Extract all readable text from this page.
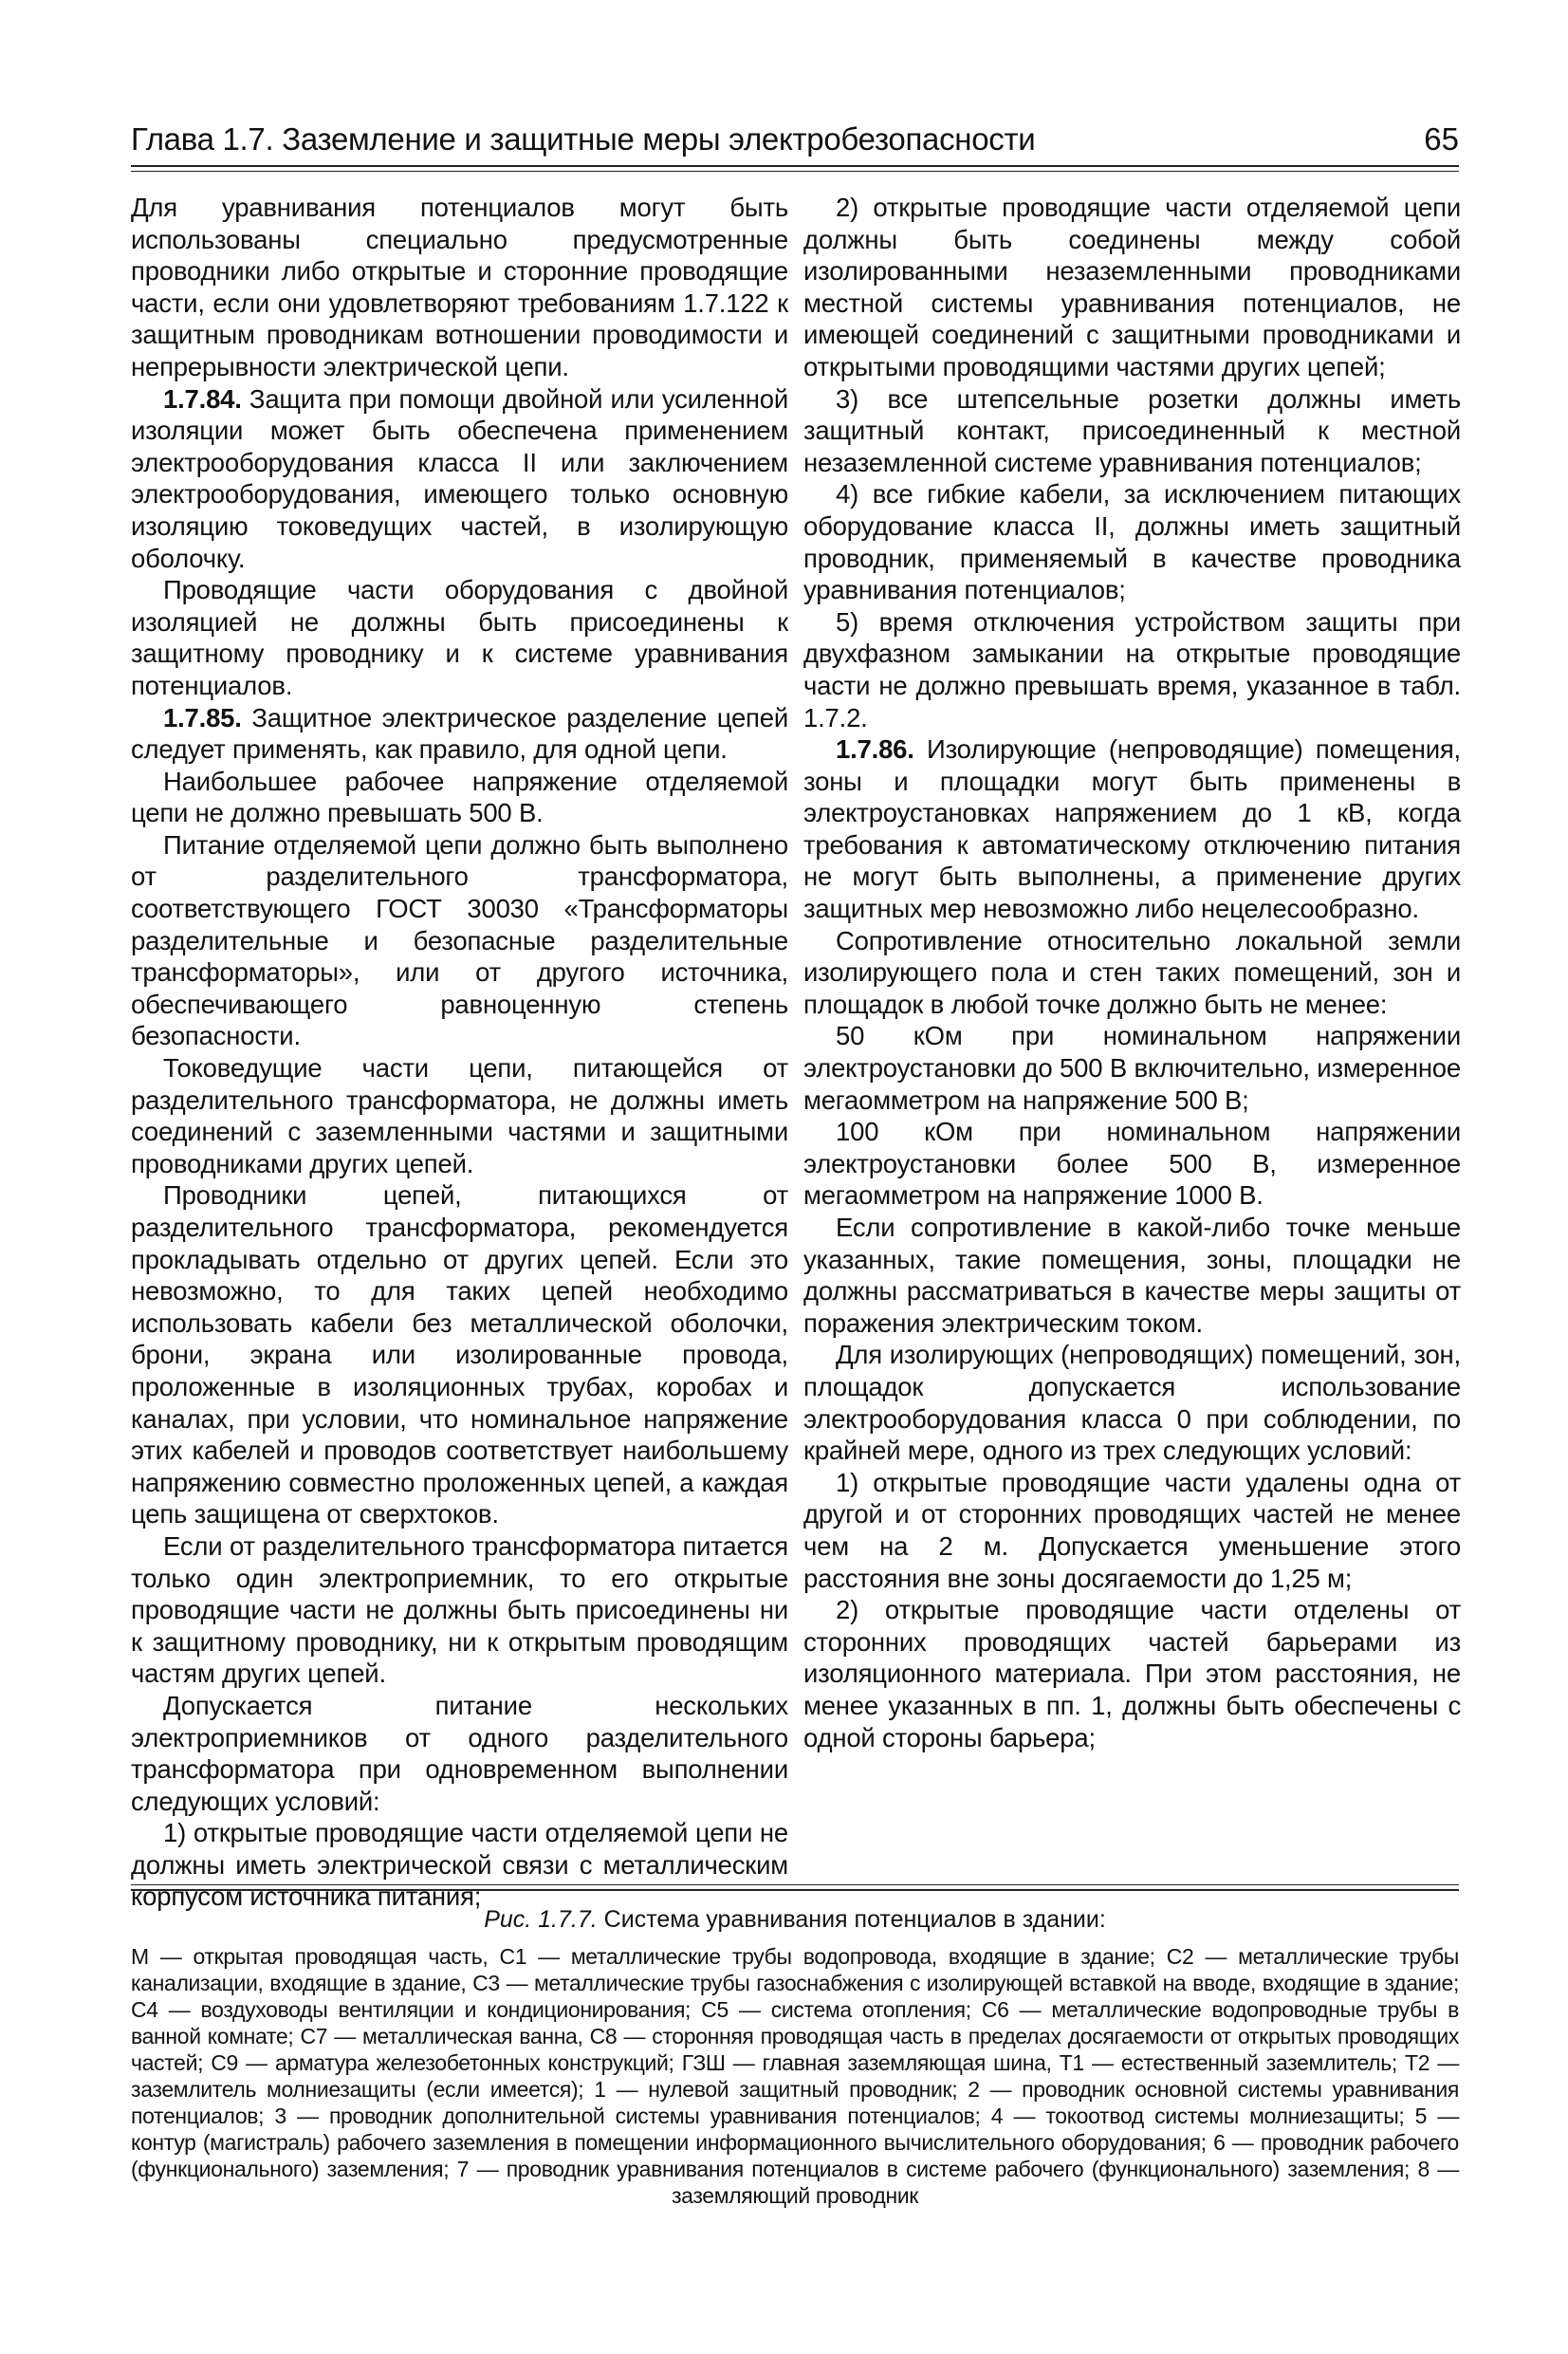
Глава 1.7. Заземление и защитные меры электробезопасности	65

Для уравнивания потенциалов могут быть использованы специально предусмотренные проводники либо открытые и сторонние проводящие части, если они удовлетворяют требованиям 1.7.122 к защитным проводникам вотношении проводимости и непрерывности электрической цепи.

1.7.84. Защита при помощи двойной или усиленной изоляции может быть обеспечена применением электрооборудования класса II или заключением электрооборудования, имеющего только основную изоляцию токоведущих частей, в изолирующую оболочку.

Проводящие части оборудования с двойной изоляцией не должны быть присоединены к защитному проводнику и к системе уравнивания потенциалов.

1.7.85. Защитное электрическое разделение цепей следует применять, как правило, для одной цепи.

Наибольшее рабочее напряжение отделяемой цепи не должно превышать 500 В.

Питание отделяемой цепи должно быть выполнено от разделительного трансформатора, соответствующего ГОСТ 30030 «Трансформаторы разделительные и безопасные разделительные трансформаторы», или от другого источника, обеспечивающего равноценную степень безопасности.

Токоведущие части цепи, питающейся от разделительного трансформатора, не должны иметь соединений с заземленными частями и защитными проводниками других цепей.

Проводники цепей, питающихся от разделительного трансформатора, рекомендуется прокладывать отдельно от других цепей. Если это невозможно, то для таких цепей необходимо использовать кабели без металлической оболочки, брони, экрана или изолированные провода, проложенные в изоляционных трубах, коробах и каналах, при условии, что номинальное напряжение этих кабелей и проводов соответствует наибольшему напряжению совместно проложенных цепей, а каждая цепь защищена от сверхтоков.

Если от разделительного трансформатора питается только один электроприемник, то его открытые проводящие части не должны быть присоединены ни к защитному проводнику, ни к открытым проводящим частям других цепей.

Допускается питание нескольких электроприемников от одного разделительного трансформатора при одновременном выполнении следующих условий:

1) открытые проводящие части отделяемой цепи не должны иметь электрической связи с металлическим корпусом источника питания;

2) открытые проводящие части отделяемой цепи должны быть соединены между собой изолированными незаземленными проводниками местной системы уравнивания потенциалов, не имеющей соединений с защитными проводниками и открытыми проводящими частями других цепей;

3) все штепсельные розетки должны иметь защитный контакт, присоединенный к местной незаземленной системе уравнивания потенциалов;

4) все гибкие кабели, за исключением питающих оборудование класса II, должны иметь защитный проводник, применяемый в качестве проводника уравнивания потенциалов;

5) время отключения устройством защиты при двухфазном замыкании на открытые проводящие части не должно превышать время, указанное в табл. 1.7.2.

1.7.86. Изолирующие (непроводящие) помещения, зоны и площадки могут быть применены в электроустановках напряжением до 1 кВ, когда требования к автоматическому отключению питания не могут быть выполнены, а применение других защитных мер невозможно либо нецелесообразно.

Сопротивление относительно локальной земли изолирующего пола и стен таких помещений, зон и площадок в любой точке должно быть не менее:

50 кОм при номинальном напряжении электроустановки до 500 В включительно, измеренное мегаомметром на напряжение 500 В;

100 кОм при номинальном напряжении электроустановки более 500 В, измеренное мегаомметром на напряжение 1000 В.

Если сопротивление в какой-либо точке меньше указанных, такие помещения, зоны, площадки не должны рассматриваться в качестве меры защиты от поражения электрическим током.

Для изолирующих (непроводящих) помещений, зон, площадок допускается использование электрооборудования класса 0 при соблюдении, по крайней мере, одного из трех следующих условий:

1) открытые проводящие части удалены одна от другой и от сторонних проводящих частей не менее чем на 2 м. Допускается уменьшение этого расстояния вне зоны досягаемости до 1,25 м;

2) открытые проводящие части отделены от сторонних проводящих частей барьерами из изоляционного материала. При этом расстояния, не менее указанных в пп. 1, должны быть обеспечены с одной стороны барьера;

Рис. 1.7.7. Система уравнивания потенциалов в здании:
М — открытая проводящая часть, С1 — металлические трубы водопровода, входящие в здание; С2 — металлические трубы канализации, входящие в здание, С3 — металлические трубы газоснабжения с изолирующей вставкой на вводе, входящие в здание; С4 — воздуховоды вентиляции и кондиционирования; С5 — система отопления; С6 — металлические водопроводные трубы в ванной комнате; С7 — металлическая ванна, С8 — сторонняя проводящая часть в пределах досягаемости от открытых проводящих частей; С9 — арматура железобетонных конструкций; ГЗШ — главная заземляющая шина, Т1 — естественный заземлитель; Т2 — заземлитель молниезащиты (если имеется); 1 — нулевой защитный проводник; 2 — проводник основной системы уравнивания потенциалов; 3 — проводник дополнительной системы уравнивания потенциалов; 4 — токоотвод системы молниезащиты; 5 — контур (магистраль) рабочего заземления в помещении информационного вычислительного оборудования; 6 — проводник рабочего (функционального) заземления; 7 — проводник уравнивания потенциалов в системе рабочего (функционального) заземления; 8 — заземляющий проводник
